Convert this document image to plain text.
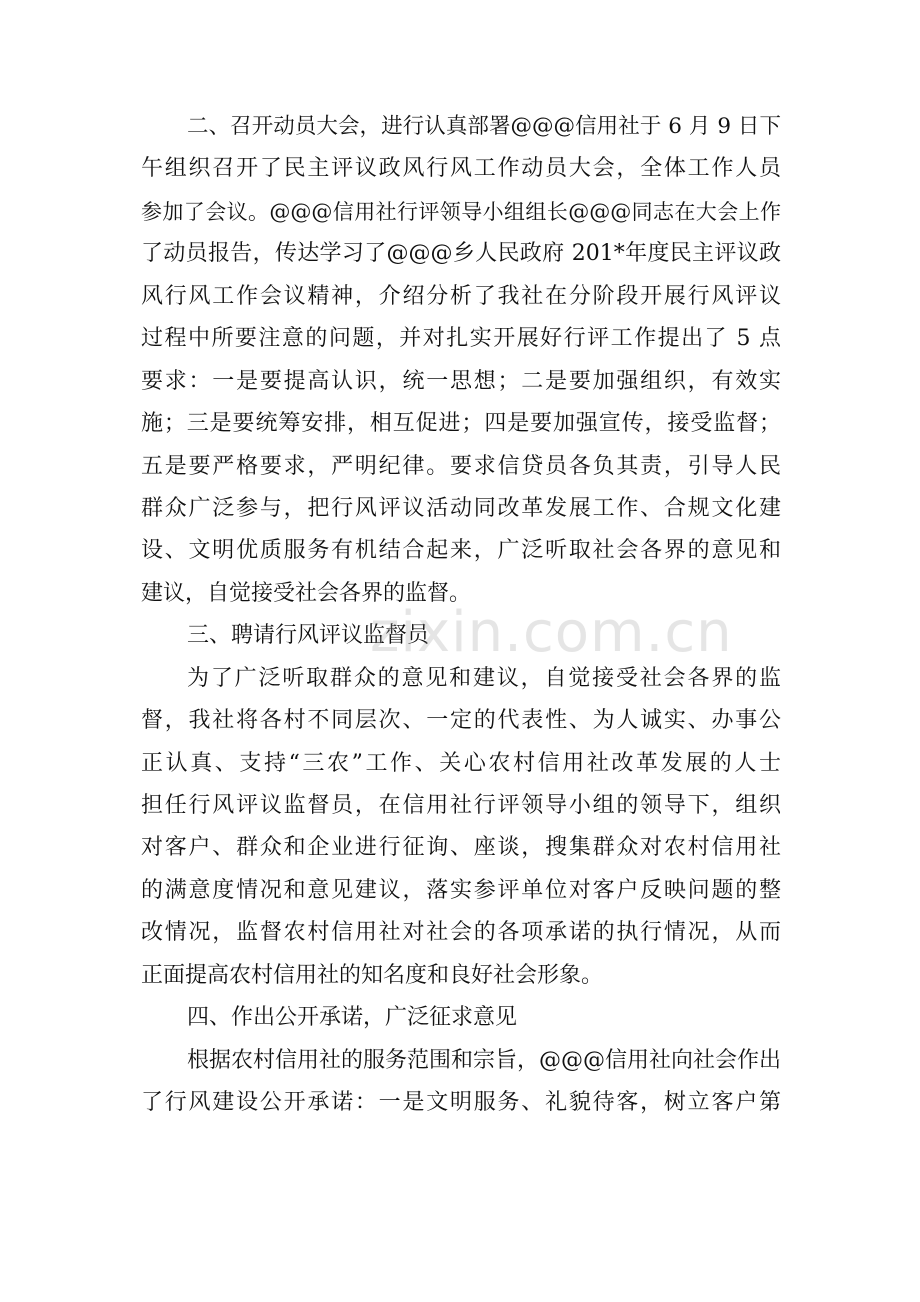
二、召开动员大会，进行认真部署@@@信用社于 6 月 9 日下
午组织召开了民主评议政风行风工作动员大会，全体工作人员
参加了会议。@@@信用社行评领导小组组长@@@同志在大会上作
了动员报告，传达学习了@@@乡人民政府 201*年度民主评议政
风行风工作会议精神，介绍分析了我社在分阶段开展行风评议
过程中所要注意的问题，并对扎实开展好行评工作提出了 5 点
要求：一是要提高认识，统一思想；二是要加强组织，有效实
施；三是要统筹安排，相互促进；四是要加强宣传，接受监督；
五是要严格要求，严明纪律。要求信贷员各负其责，引导人民
群众广泛参与，把行风评议活动同改革发展工作、合规文化建
设、文明优质服务有机结合起来，广泛听取社会各界的意见和
建议，自觉接受社会各界的监督。
三、聘请行风评议监督员
为了广泛听取群众的意见和建议，自觉接受社会各界的监
督，我社将各村不同层次、一定的代表性、为人诚实、办事公
正认真、支持“三农”工作、关心农村信用社改革发展的人士
担任行风评议监督员，在信用社行评领导小组的领导下，组织
对客户、群众和企业进行征询、座谈，搜集群众对农村信用社
的满意度情况和意见建议，落实参评单位对客户反映问题的整
改情况，监督农村信用社对社会的各项承诺的执行情况，从而
正面提高农村信用社的知名度和良好社会形象。
四、作出公开承诺，广泛征求意见
根据农村信用社的服务范围和宗旨，@@@信用社向社会作出
了行风建设公开承诺：一是文明服务、礼貌待客，树立客户第
zixin.com.cn
